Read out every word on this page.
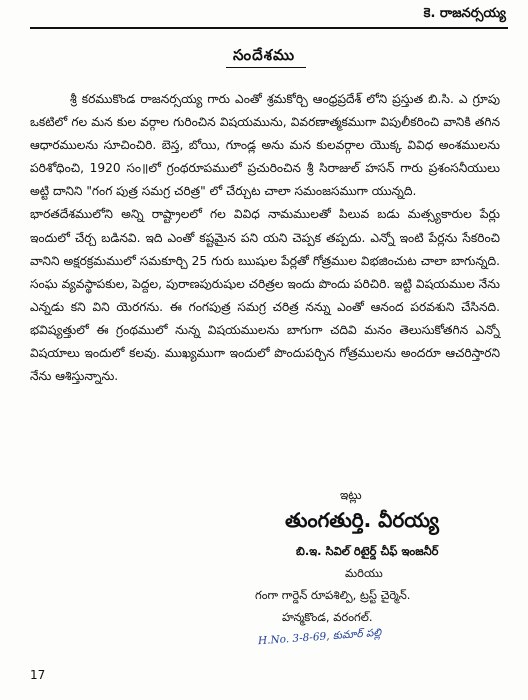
కె. రాజనర్సయ్య
సందేశము

శ్రీ కరముకొండ రాజనర్సయ్య గారు ఎంతో శ్రమకోర్చి ఆంధ్రప్రదేశ్ లోని ప్రస్తుత బి.సి. ఎ గ్రూపు ఒకటిలో గల మన కుల వర్గాల గురించిన విషయమును, వివరణాత్మకముగా విపులీకరించి వానికి తగిన ఆధారములను సూచించిరి. బెస్త, బోయి, గూండ్ల అను మన కులవర్గాల యొక్క వివిధ అంశములను పరిశోధించి, 1920 సం॥లో గ్రంథరూపములో ప్రచురించిన శ్రీ సిరాజుల్ హసన్ గారు ప్రశంసనీయులు అట్టి దానిని "గంగ పుత్ర సమగ్ర చరిత్ర" లో చేర్చుట చాలా సమంజసముగా యున్నది.

భారతదేశములోని అన్ని రాష్ట్రాలలో గల వివిధ నామములతో పిలువ బడు మత్స్యకారుల పేర్లు ఇందులో చేర్చ బడినవి. ఇది ఎంతో కష్టమైన పని యని చెప్పక తప్పదు. ఎన్నో ఇంటి పేర్లను సేకరించి వానిని అక్షరక్రమములో సమకూర్చి 25 గురు ఋషుల పేర్లతో గోత్రముల విభజించుట చాలా బాగున్నది. సంఘ వ్యవస్థాపకుల, పెద్దల, పురాణపురుషుల చరిత్రల ఇందు పొందు పరిచిరి. ఇట్టి విషయముల నేను ఎన్నడు కని విని యెరగను. ఈ గంగపుత్ర సమగ్ర చరిత్ర నన్ను ఎంతో ఆనంద పరవశుని చేసినది. భవిష్యత్తులో ఈ గ్రంథములో నున్న విషయములను బాగుగా చదివి మనం తెలుసుకోతగిన ఎన్నో విషయాలు ఇందులో కలవు. ముఖ్యముగా ఇందులో పొందుపర్చిన గోత్రములను అందరూ ఆచరిస్తారని నేను ఆశిస్తున్నాను.

ఇట్లు
తుంగతుర్తి. వీరయ్య
బి.ఇ. సివిల్ రిటైర్డ్ చీఫ్ ఇంజనీర్
మరియు
గంగా గార్డెన్ రూపశిల్పి, ట్రస్ట్ చైర్మెన్.
హన్మకొండ, వరంగల్.
H.No. 3-8-69, కుమార్ పల్లి
17
